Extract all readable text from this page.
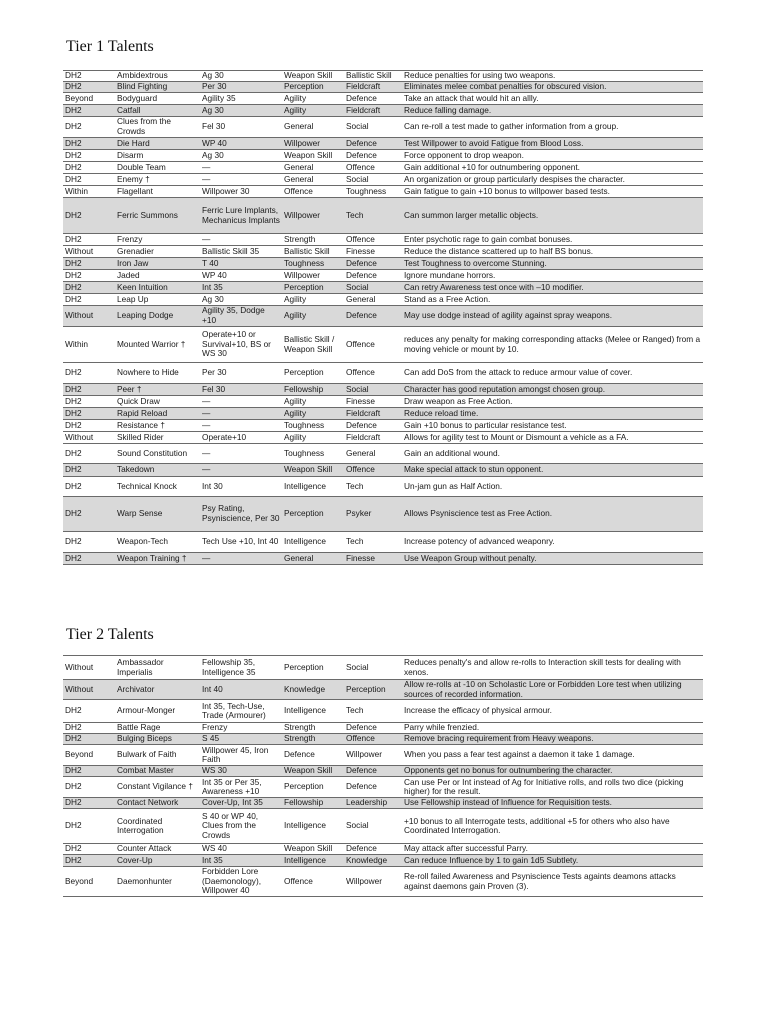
Tier 1 Talents
DH2	Ambidextrous	Ag 30	Weapon Skill	Ballistic Skill	Reduce penalties for using two weapons.
DH2	Blind Fighting	Per 30	Perception	Fieldcraft	Eliminates melee combat penalties for obscured vision.
Beyond	Bodyguard	Agility 35	Agility	Defence	Take an attack that would hit an allly.
DH2	Catfall	Ag 30	Agility	Fieldcraft	Reduce falling damage.
DH2	Clues from the Crowds	Fel 30	General	Social	Can re-roll a test made to gather information from a group.
DH2	Die Hard	WP 40	Willpower	Defence	Test Willpower to avoid Fatigue from Blood Loss.
DH2	Disarm	Ag 30	Weapon Skill	Defence	Force opponent to drop weapon.
DH2	Double Team	—	General	Offence	Gain additional +10 for outnumbering opponent.
DH2	Enemy †	—	General	Social	An organization or group particularly despises the character.
Within	Flagellant	Willpower 30	Offence	Toughness	Gain fatigue to gain +10 bonus to willpower based tests.
DH2	Ferric Summons	Ferric Lure Implants, Mechanicus Implants	Willpower	Tech	Can summon larger metallic objects.
DH2	Frenzy	—	Strength	Offence	Enter psychotic rage to gain combat bonuses.
Without	Grenadier	Ballistic Skill 35	Ballistic Skill	Finesse	Reduce the distance scattered up to half BS bonus.
DH2	Iron Jaw	T 40	Toughness	Defence	Test Toughness to overcome Stunning.
DH2	Jaded	WP 40	Willpower	Defence	Ignore mundane horrors.
DH2	Keen Intuition	Int 35	Perception	Social	Can retry Awareness test once with –10 modifier.
DH2	Leap Up	Ag 30	Agility	General	Stand as a Free Action.
Without	Leaping Dodge	Agility 35, Dodge +10	Agility	Defence	May use dodge instead of agility against spray weapons.
Within	Mounted Warrior †	Operate+10 or Survival+10, BS or WS 30	Ballistic Skill / Weapon Skill	Offence	reduces any penalty for making corresponding attacks (Melee or Ranged) from a moving vehicle or mount by 10.
DH2	Nowhere to Hide	Per 30	Perception	Offence	Can add DoS from the attack to reduce armour value of cover.
DH2	Peer †	Fel 30	Fellowship	Social	Character has good reputation amongst chosen group.
DH2	Quick Draw	—	Agility	Finesse	Draw weapon as Free Action.
DH2	Rapid Reload	—	Agility	Fieldcraft	Reduce reload time.
DH2	Resistance †	—	Toughness	Defence	Gain +10 bonus to particular resistance test.
Without	Skilled Rider	Operate+10	Agility	Fieldcraft	Allows for agility test to Mount or Dismount a vehicle as a FA.
DH2	Sound Constitution	—	Toughness	General	Gain an additional wound.
DH2	Takedown	—	Weapon Skill	Offence	Make special attack to stun opponent.
DH2	Technical Knock	Int 30	Intelligence	Tech	Un-jam gun as Half Action.
DH2	Warp Sense	Psy Rating, Psyniscience, Per 30	Perception	Psyker	Allows Psyniscience test as Free Action.
DH2	Weapon-Tech	Tech Use +10, Int 40	Intelligence	Tech	Increase potency of advanced weaponry.
DH2	Weapon Training †	—	General	Finesse	Use Weapon Group without penalty.
Tier 2 Talents
Without	Ambassador Imperialis	Fellowship 35, Intelligence 35	Perception	Social	Reduces penalty's and allow re-rolls to Interaction skill tests for dealing with xenos.
Without	Archivator	Int 40	Knowledge	Perception	Allow re-rolls at -10 on Scholastic Lore or Forbidden Lore test when utilizing sources of recorded information.
DH2	Armour-Monger	Int 35, Tech-Use, Trade (Armourer)	Intelligence	Tech	Increase the efficacy of physical armour.
DH2	Battle Rage	Frenzy	Strength	Defence	Parry while frenzied.
DH2	Bulging Biceps	S 45	Strength	Offence	Remove bracing requirement from Heavy weapons.
Beyond	Bulwark of Faith	Willpower 45, Iron Faith	Defence	Willpower	When you pass a fear test against a daemon it take 1 damage.
DH2	Combat Master	WS 30	Weapon Skill	Defence	Opponents get no bonus for outnumbering the character.
DH2	Constant Vigilance †	Int 35 or Per 35, Awareness +10	Perception	Defence	Can use Per or Int instead of Ag for Initiative rolls, and rolls two dice (picking higher) for the result.
DH2	Contact Network	Cover-Up, Int 35	Fellowship	Leadership	Use Fellowship instead of Influence for Requisition tests.
DH2	Coordinated Interrogation	S 40 or WP 40, Clues from the Crowds	Intelligence	Social	+10 bonus to all Interrogate tests, additional +5 for others who also have Coordinated Interrogation.
DH2	Counter Attack	WS 40	Weapon Skill	Defence	May attack after successful Parry.
DH2	Cover-Up	Int 35	Intelligence	Knowledge	Can reduce Influence by 1 to gain 1d5 Subtlety.
Beyond	Daemonhunter	Forbidden Lore (Daemonology), Willpower 40	Offence	Willpower	Re-roll failed Awareness and Psyniscience Tests againts deamons attacks against daemons gain Proven (3).
